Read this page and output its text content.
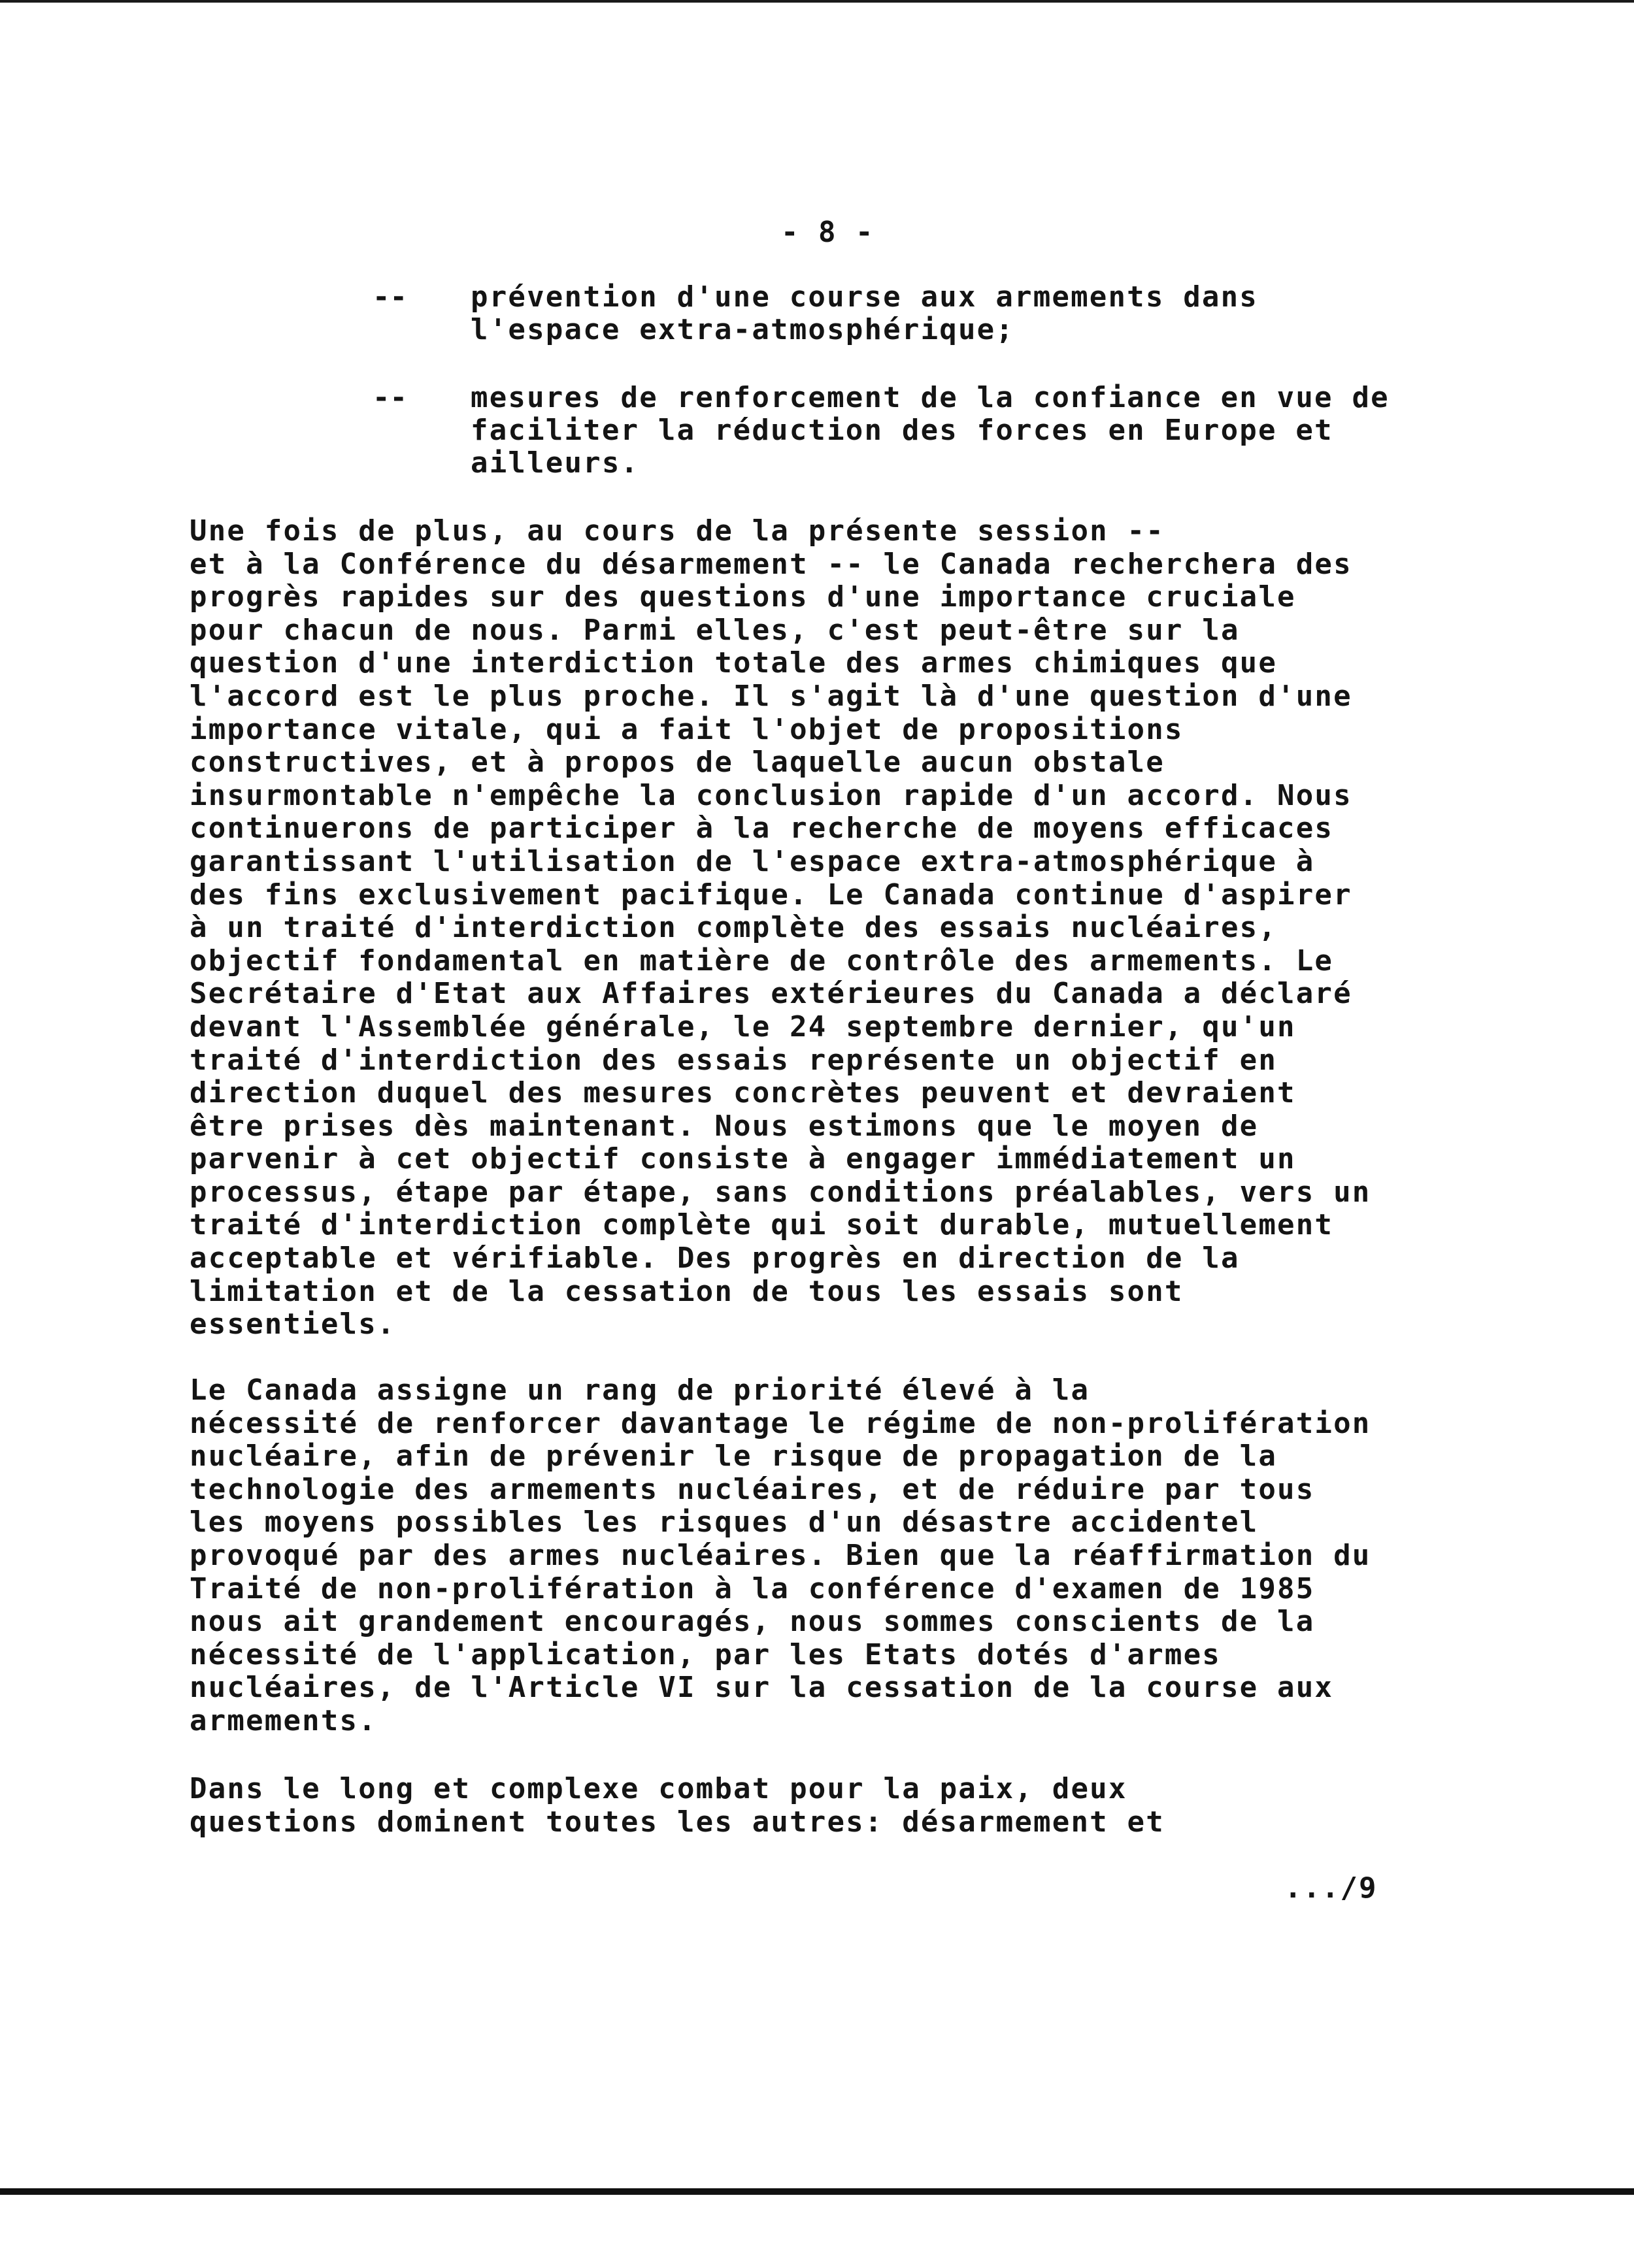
- 8 -
-- prévention d'une course aux armements dans
l'espace extra-atmosphérique;
-- mesures de renforcement de la confiance en vue de
faciliter la réduction des forces en Europe et
ailleurs.
Une fois de plus, au cours de la présente session --
et à la Conférence du désarmement -- le Canada recherchera des
progrès rapides sur des questions d'une importance cruciale
pour chacun de nous. Parmi elles, c'est peut-être sur la
question d'une interdiction totale des armes chimiques que
l'accord est le plus proche. Il s'agit là d'une question d'une
importance vitale, qui a fait l'objet de propositions
constructives, et à propos de laquelle aucun obstale
insurmontable n'empêche la conclusion rapide d'un accord. Nous
continuerons de participer à la recherche de moyens efficaces
garantissant l'utilisation de l'espace extra-atmosphérique à
des fins exclusivement pacifique. Le Canada continue d'aspirer
à un traité d'interdiction complète des essais nucléaires,
objectif fondamental en matière de contrôle des armements. Le
Secrétaire d'Etat aux Affaires extérieures du Canada a déclaré
devant l'Assemblée générale, le 24 septembre dernier, qu'un
traité d'interdiction des essais représente un objectif en
direction duquel des mesures concrètes peuvent et devraient
être prises dès maintenant. Nous estimons que le moyen de
parvenir à cet objectif consiste à engager immédiatement un
processus, étape par étape, sans conditions préalables, vers un
traité d'interdiction complète qui soit durable, mutuellement
acceptable et vérifiable. Des progrès en direction de la
limitation et de la cessation de tous les essais sont
essentiels.
Le Canada assigne un rang de priorité élevé à la
nécessité de renforcer davantage le régime de non-prolifération
nucléaire, afin de prévenir le risque de propagation de la
technologie des armements nucléaires, et de réduire par tous
les moyens possibles les risques d'un désastre accidentel
provoqué par des armes nucléaires. Bien que la réaffirmation du
Traité de non-prolifération à la conférence d'examen de 1985
nous ait grandement encouragés, nous sommes conscients de la
nécessité de l'application, par les Etats dotés d'armes
nucléaires, de l'Article VI sur la cessation de la course aux
armements.
Dans le long et complexe combat pour la paix, deux
questions dominent toutes les autres: désarmement et
.../9
